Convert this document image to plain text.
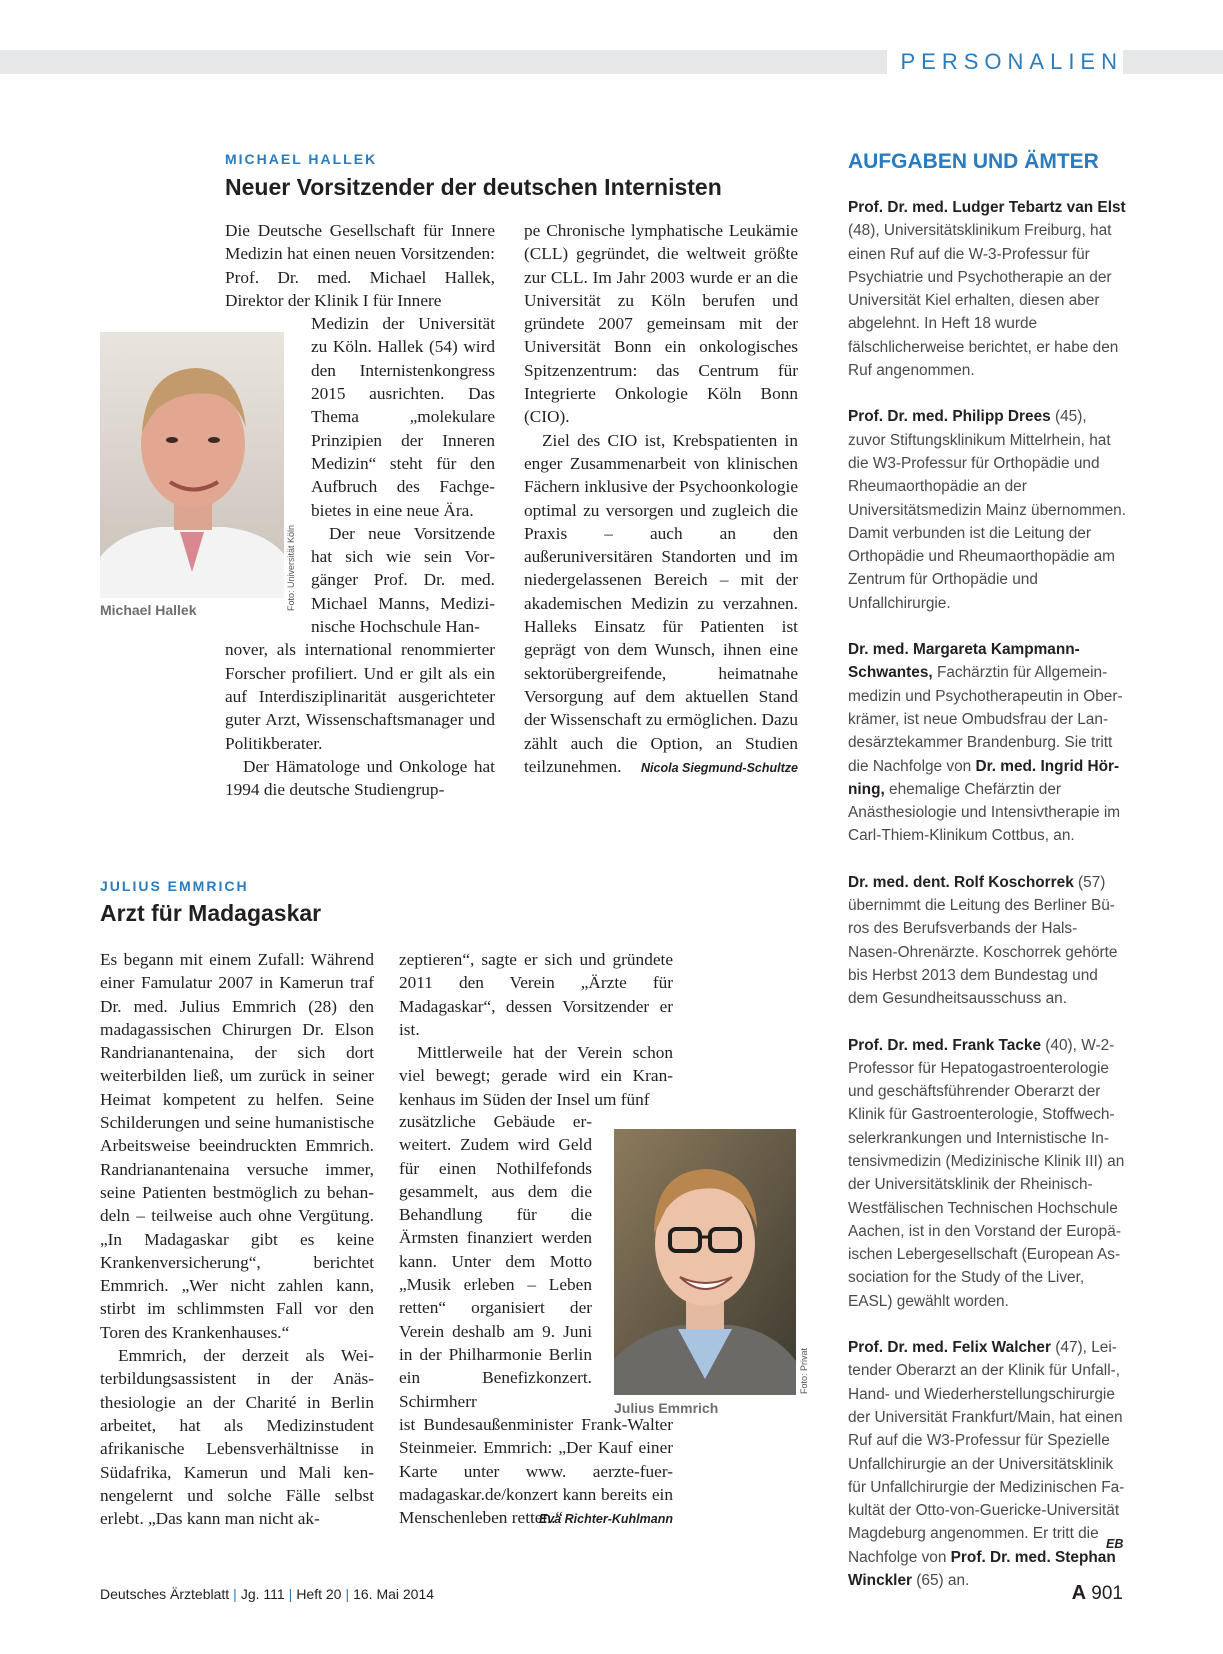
PERSONALIEN
MICHAEL HALLEK
Neuer Vorsitzender der deutschen Internisten
Foto: Universität Köln
Michael Hallek

Die Deutsche Gesellschaft für Innere Medizin hat einen neuen Vorsitzenden: Prof. Dr. med. Michael Hallek, Direktor der Klinik I für Innere

Medizin der Universität zu Köln. Hallek (54) wird den Internistenkongress 2015 ausrichten. Das Thema „molekulare Prinzipien der Inneren Medizin“ steht für den Aufbruch des Fachgebietes in eine neue Ära.

Der neue Vorsitzende hat sich wie sein Vorgänger Prof. Dr. med. Michael Manns, Medizinische Hochschule Han-

nover, als international renommierter Forscher profiliert. Und er gilt als ein auf Interdisziplinarität ausgerichteter guter Arzt, Wissenschaftsmanager und Politikberater.

Der Hämatologe und Onkologe hat 1994 die deutsche Studiengrup-

pe Chronische lymphatische Leukämie (CLL) gegründet, die weltweit größte zur CLL. Im Jahr 2003 wurde er an die Universität zu Köln berufen und gründete 2007 gemeinsam mit der Universität Bonn ein onkologisches Spitzenzentrum: das Centrum für Integrierte Onkologie Köln Bonn (CIO).

Ziel des CIO ist, Krebspatienten in enger Zusammenarbeit von klinischen Fächern inklusive der Psychoonkologie optimal zu versorgen und zugleich die Praxis – auch an den außeruniversitären Standorten und im niedergelassenen Bereich – mit der akademischen Medizin zu verzahnen. Halleks Einsatz für Patienten ist geprägt von dem Wunsch, ihnen eine sektorübergreifende, heimatnahe Versorgung auf dem aktuellen Stand der Wissenschaft zu ermöglichen. Dazu zählt auch die Option, an Studien teilzunehmen.	Nicola Siegmund-Schultze
JULIUS EMMRICH
Arzt für Madagaskar

Es begann mit einem Zufall: Während einer Famulatur 2007 in Kamerun traf Dr. med. Julius Emmrich (28) den madagassischen Chirurgen Dr. Elson Randrianantenaina, der sich dort weiterbilden ließ, um zurück in seiner Heimat kompetent zu helfen. Seine Schilderungen und seine humanistische Arbeitsweise beeindruckten Emmrich. Randrianantenaina versuche immer, seine Patienten bestmöglich zu behandeln – teilweise auch ohne Vergütung. „In Madagaskar gibt es keine Krankenversicherung“, berichtet Emmrich. „Wer nicht zahlen kann, stirbt im schlimmsten Fall vor den Toren des Krankenhauses.“

Emmrich, der derzeit als Weiterbildungsassistent in der Anästhesiologie an der Charité in Berlin arbeitet, hat als Medizinstudent afrikanische Lebensverhältnisse in Südafrika, Kamerun und Mali kennengelernt und solche Fälle selbst erlebt. „Das kann man nicht ak-

zeptieren“, sagte er sich und gründete 2011 den Verein „Ärzte für Madagaskar“, dessen Vorsitzender er ist.

Mittlerweile hat der Verein schon viel bewegt; gerade wird ein Krankenhaus im Süden der Insel um fünf

zusätzliche Gebäude erweitert. Zudem wird Geld für einen Nothilfefonds gesammelt, aus dem die Behandlung für die Ärmsten finanziert werden kann. Unter dem Motto „Musik erleben – Leben retten“ organisiert der Verein deshalb am 9. Juni in der Philharmonie Berlin ein Benefizkonzert. Schirmherr

ist Bundesaußenminister Frank-Walter Steinmeier. Emmrich: „Der Kauf einer Karte unter www. aerzte-fuer-madagaskar.de/konzert kann bereits ein Menschenleben retten.“

Eva Richter-Kuhlmann
Foto: Privat
Julius Emmrich
AUFGABEN UND ÄMTER

Prof. Dr. med. Ludger Tebartz van Elst (48), Universitätsklinikum Freiburg, hat einen Ruf auf die W-3-Professur für Psychiatrie und Psychotherapie an der Universität Kiel erhalten, diesen aber abgelehnt. In Heft 18 wurde fälschlicherweise berichtet, er habe den Ruf angenommen.

Prof. Dr. med. Philipp Drees (45), zuvor Stiftungsklinikum Mittelrhein, hat die W3-Professur für Orthopädie und Rheumaorthopädie an der Universitätsmedizin Mainz übernommen. Damit verbunden ist die Leitung der Orthopädie und Rheumaorthopädie am Zentrum für Orthopädie und Unfallchirurgie.

Dr. med. Margareta Kampmann-Schwantes, Fachärztin für Allgemeinmedizin und Psychotherapeutin in Oberkrämer, ist neue Ombudsfrau der Landesärztekammer Brandenburg. Sie tritt die Nachfolge von Dr. med. Ingrid Hörning, ehemalige Chefärztin der Anästhesiologie und Intensivtherapie im Carl-Thiem-Klinikum Cottbus, an.

Dr. med. dent. Rolf Koschorrek (57) übernimmt die Leitung des Berliner Büros des Berufsverbands der Hals-Nasen-Ohrenärzte. Koschorrek gehörte bis Herbst 2013 dem Bundestag und dem Gesundheitsausschuss an.

Prof. Dr. med. Frank Tacke (40), W-2-Professor für Hepatogastroenterologie und geschäftsführender Oberarzt der Klinik für Gastroenterologie, Stoffwechselerkrankungen und Internistische Intensivmedizin (Medizinische Klinik III) an der Universitätsklinik der Rheinisch-Westfälischen Technischen Hochschule Aachen, ist in den Vorstand der Europäischen Lebergesellschaft (European Association for the Study of the Liver, EASL) gewählt worden.

Prof. Dr. med. Felix Walcher (47), Leitender Oberarzt an der Klinik für Unfall-, Hand- und Wiederherstellungschirurgie der Universität Frankfurt/Main, hat einen Ruf auf die W3-Professur für Spezielle Unfallchirurgie an der Universitätsklinik für Unfallchirurgie der Medizinischen Fakultät der Otto-von-Guericke-Universität Magdeburg angenommen. Er tritt die Nachfolge von Prof. Dr. med. Stephan Winckler (65) an.

EB
Deutsches Ärzteblatt | Jg. 111 | Heft 20 | 16. Mai 2014	A 901
